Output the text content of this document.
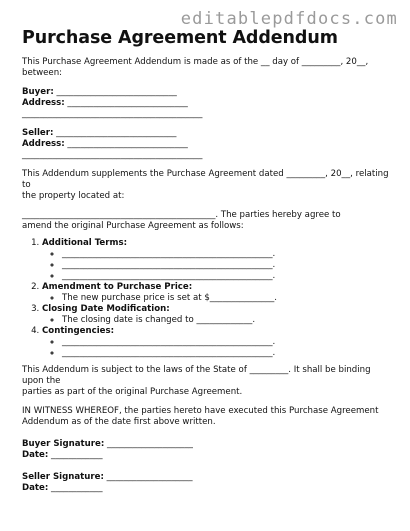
editablepdfdocs.com
Purchase Agreement Addendum

This Purchase Agreement Addendum is made as of the __ day of _________, 20__,
between:

Buyer: ____________________________
Address: ____________________________
__________________________________________

Seller: ____________________________
Address: ____________________________
__________________________________________

This Addendum supplements the Purchase Agreement dated _________, 20__, relating to
the property located at:

_____________________________________________. The parties hereby agree to
amend the original Purchase Agreement as follows:

1. Additional Terms:
◦ _________________________________________________.
◦ _________________________________________________.
◦ _________________________________________________.
2. Amendment to Purchase Price:
◦ The new purchase price is set at $_______________.
3. Closing Date Modification:
◦ The closing date is changed to _____________.
4. Contingencies:
◦ _________________________________________________.
◦ _________________________________________________.

This Addendum is subject to the laws of the State of _________. It shall be binding upon the
parties as part of the original Purchase Agreement.

IN WITNESS WHEREOF, the parties hereto have executed this Purchase Agreement
Addendum as of the date first above written.

Buyer Signature: ____________________
Date: ____________

Seller Signature: ____________________
Date: ____________
